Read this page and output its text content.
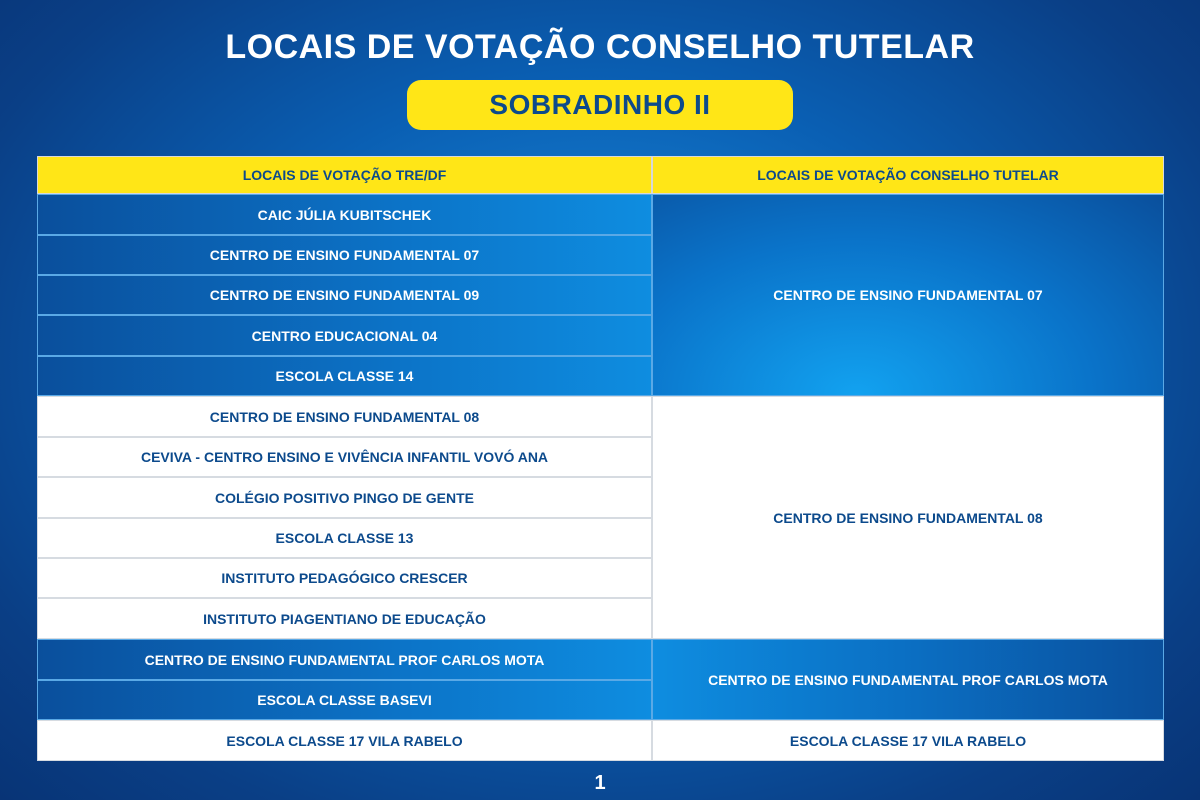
LOCAIS DE VOTAÇÃO CONSELHO TUTELAR
SOBRADINHO II
LOCAIS DE VOTAÇÃO TRE/DF	LOCAIS DE VOTAÇÃO CONSELHO TUTELAR
CAIC JÚLIA KUBITSCHEK
CENTRO DE ENSINO FUNDAMENTAL 07
CENTRO DE ENSINO FUNDAMENTAL 09
CENTRO EDUCACIONAL 04
ESCOLA CLASSE 14
CENTRO DE ENSINO FUNDAMENTAL 07
CENTRO DE ENSINO FUNDAMENTAL 08
CEVIVA - CENTRO ENSINO E VIVÊNCIA INFANTIL VOVÓ ANA
COLÉGIO POSITIVO PINGO DE GENTE
ESCOLA CLASSE 13
INSTITUTO PEDAGÓGICO CRESCER
INSTITUTO PIAGENTIANO DE EDUCAÇÃO
CENTRO DE ENSINO FUNDAMENTAL 08
CENTRO DE ENSINO FUNDAMENTAL PROF CARLOS MOTA
ESCOLA CLASSE BASEVI
CENTRO DE ENSINO FUNDAMENTAL PROF CARLOS MOTA
ESCOLA CLASSE 17 VILA RABELO	ESCOLA CLASSE 17 VILA RABELO
1
